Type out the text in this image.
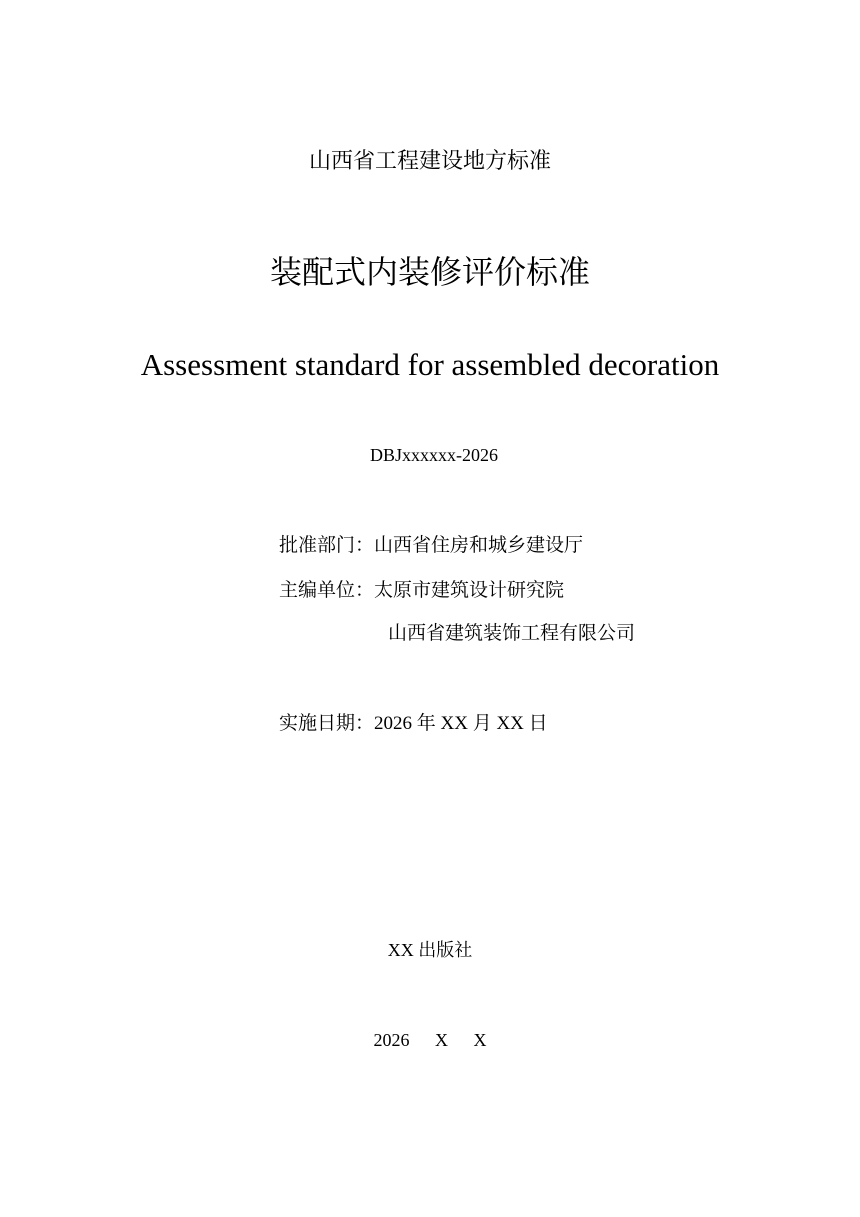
山西省工程建设地方标准
装配式内装修评价标准
Assessment standard for assembled decoration
DBJxxxxxx-2026
批准部门：山西省住房和城乡建设厅
主编单位：太原市建筑设计研究院
山西省建筑装饰工程有限公司
实施日期：2026 年 XX 月 XX 日
XX 出版社
2026   X   X
